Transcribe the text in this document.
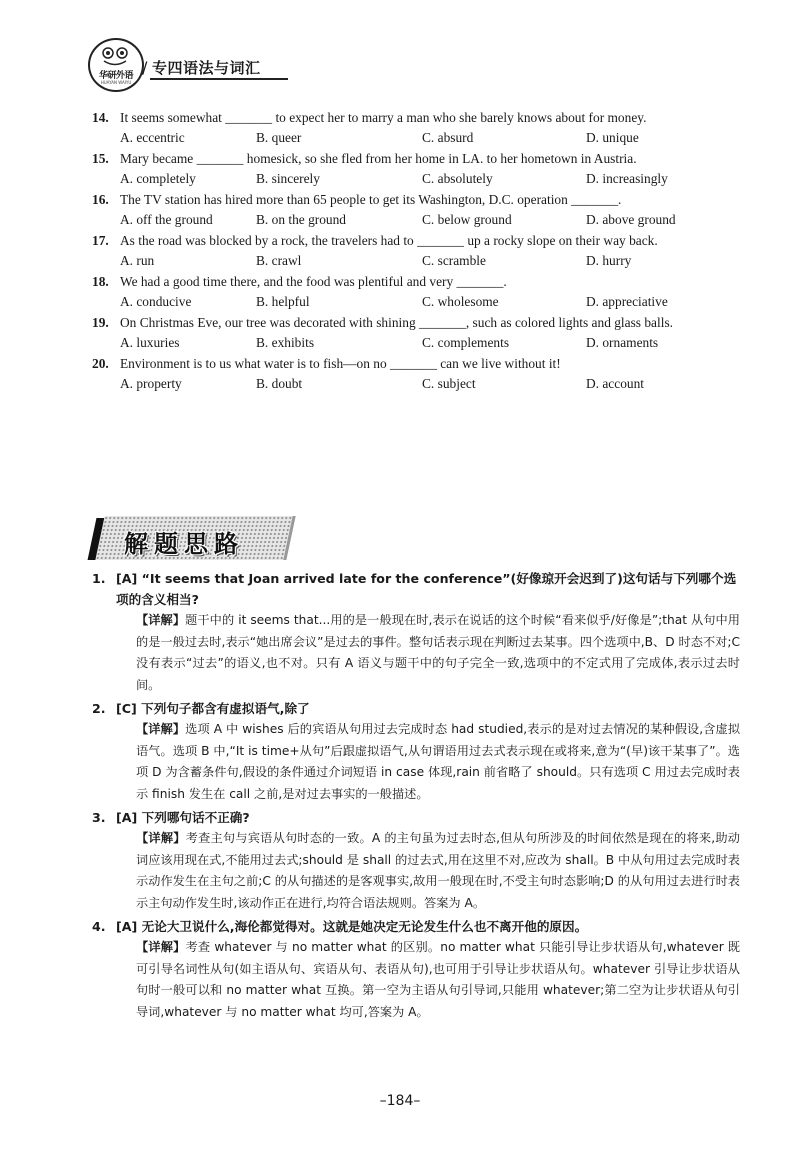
华研外语
HUAYAN WAIYU
/ 专四语法与词汇
14. It seems somewhat _______ to expect her to marry a man who she barely knows about for money.
A. eccentric	B. queer	C. absurd	D. unique
15. Mary became _______ homesick, so she fled from her home in LA. to her hometown in Austria.
A. completely	B. sincerely	C. absolutely	D. increasingly
16. The TV station has hired more than 65 people to get its Washington, D.C. operation _______.
A. off the ground	B. on the ground	C. below ground	D. above ground
17. As the road was blocked by a rock, the travelers had to _______ up a rocky slope on their way back.
A. run	B. crawl	C. scramble	D. hurry
18. We had a good time there, and the food was plentiful and very _______.
A. conducive	B. helpful	C. wholesome	D. appreciative
19. On Christmas Eve, our tree was decorated with shining _______, such as colored lights and glass balls.
A. luxuries	B. exhibits	C. complements	D. ornaments
20. Environment is to us what water is to fish—on no _______ can we live without it!
A. property	B. doubt	C. subject	D. account
解题思路
1. [A] “It seems that Joan arrived late for the conference”(好像琼开会迟到了)这句话与下列哪个选项的含义相当?
【详解】题干中的 it seems that...用的是一般现在时,表示在说话的这个时候“看来似乎/好像是”;that 从句中用的是一般过去时,表示“她出席会议”是过去的事件。整句话表示现在判断过去某事。四个选项中,B、D 时态不对;C 没有表示“过去”的语义,也不对。只有 A 语义与题干中的句子完全一致,选项中的不定式用了完成体,表示过去时间。
2. [C] 下列句子都含有虚拟语气,除了
【详解】选项 A 中 wishes 后的宾语从句用过去完成时态 had studied,表示的是对过去情况的某种假设,含虚拟语气。选项 B 中,“It is time+从句”后跟虚拟语气,从句谓语用过去式表示现在或将来,意为“(早)该干某事了”。选项 D 为含蓄条件句,假设的条件通过介词短语 in case 体现,rain 前省略了 should。只有选项 C 用过去完成时表示 finish 发生在 call 之前,是对过去事实的一般描述。
3. [A] 下列哪句话不正确?
【详解】考查主句与宾语从句时态的一致。A 的主句虽为过去时态,但从句所涉及的时间依然是现在的将来,助动词应该用现在式,不能用过去式;should 是 shall 的过去式,用在这里不对,应改为 shall。B 中从句用过去完成时表示动作发生在主句之前;C 的从句描述的是客观事实,故用一般现在时,不受主句时态影响;D 的从句用过去进行时表示主句动作发生时,该动作正在进行,均符合语法规则。答案为 A。
4. [A] 无论大卫说什么,海伦都觉得对。这就是她决定无论发生什么也不离开他的原因。
【详解】考查 whatever 与 no matter what 的区别。no matter what 只能引导让步状语从句,whatever 既可引导名词性从句(如主语从句、宾语从句、表语从句),也可用于引导让步状语从句。whatever 引导让步状语从句时一般可以和 no matter what 互换。第一空为主语从句引导词,只能用 whatever;第二空为让步状语从句引导词,whatever 与 no matter what 均可,答案为 A。
–184–
